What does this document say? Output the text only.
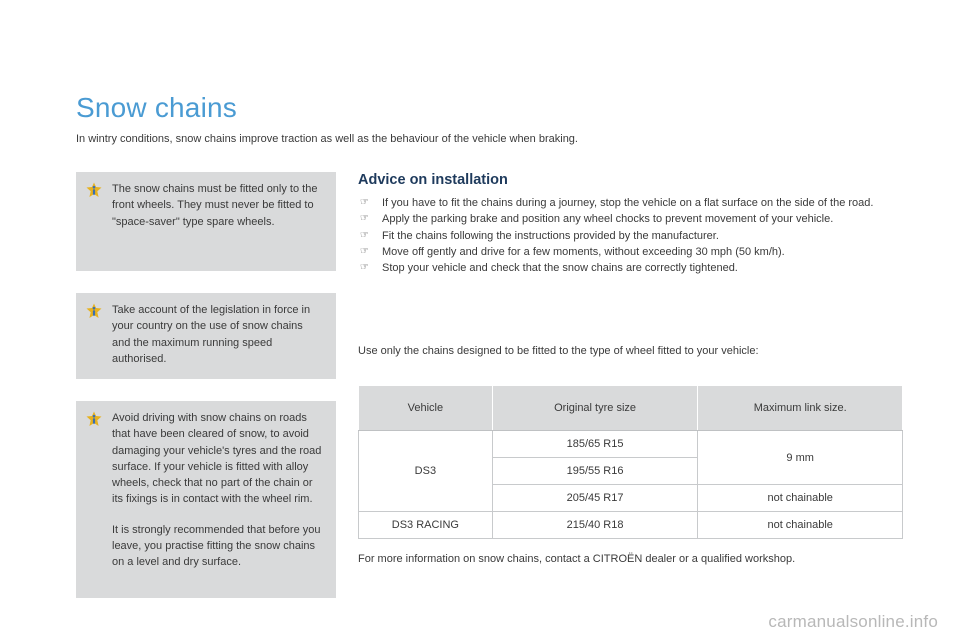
Snow chains

In wintry conditions, snow chains improve traction as well as the behaviour of the vehicle when braking.

The snow chains must be fitted only to the front wheels. They must never be fitted to "space-saver" type spare wheels.

Take account of the legislation in force in your country on the use of snow chains and the maximum running speed authorised.

Avoid driving with snow chains on roads that have been cleared of snow, to avoid damaging your vehicle's tyres and the road surface. If your vehicle is fitted with alloy wheels, check that no part of the chain or its fixings is in contact with the wheel rim.

It is strongly recommended that before you leave, you practise fitting the snow chains on a level and dry surface.

Advice on installation
☞	If you have to fit the chains during a journey, stop the vehicle on a flat surface on the side of the road.
☞	Apply the parking brake and position any wheel chocks to prevent movement of your vehicle.
☞	Fit the chains following the instructions provided by the manufacturer.
☞	Move off gently and drive for a few moments, without exceeding 30 mph (50 km/h).
☞	Stop your vehicle and check that the snow chains are correctly tightened.

Use only the chains designed to be fitted to the type of wheel fitted to your vehicle:

Vehicle	Original tyre size	Maximum link size.
DS3	185/65 R15	9 mm
	195/55 R16	
	205/45 R17	not chainable
DS3 RACING	215/40 R18	not chainable

For more information on snow chains, contact a CITROËN dealer or a qualified workshop.

carmanualsonline.info
